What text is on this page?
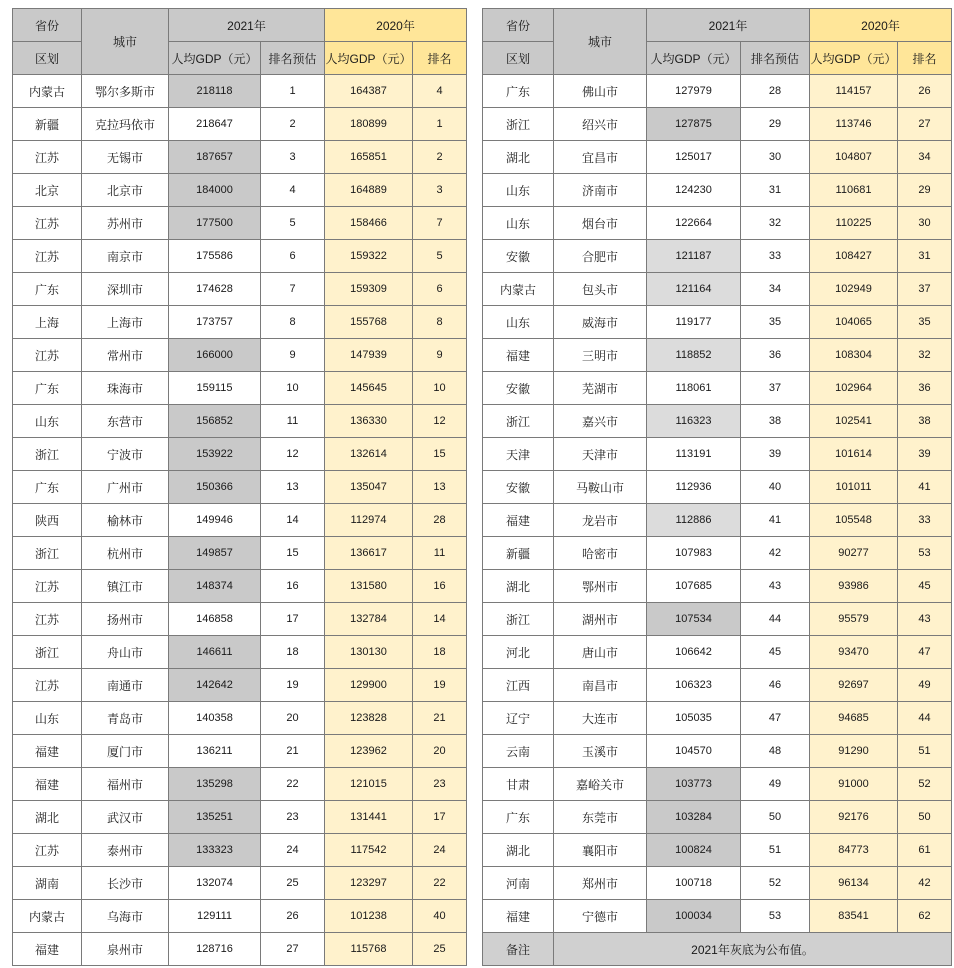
省份	城市	2021年		2020年	
区划		人均GDP（元）	排名预估	人均GDP（元）	排名
内蒙古	鄂尔多斯市	218118	1	164387	4
新疆	克拉玛依市	218647	2	180899	1
江苏	无锡市	187657	3	165851	2
北京	北京市	184000	4	164889	3
江苏	苏州市	177500	5	158466	7
江苏	南京市	175586	6	159322	5
广东	深圳市	174628	7	159309	6
上海	上海市	173757	8	155768	8
江苏	常州市	166000	9	147939	9
广东	珠海市	159115	10	145645	10
山东	东营市	156852	11	136330	12
浙江	宁波市	153922	12	132614	15
广东	广州市	150366	13	135047	13
陕西	榆林市	149946	14	112974	28
浙江	杭州市	149857	15	136617	11
江苏	镇江市	148374	16	131580	16
江苏	扬州市	146858	17	132784	14
浙江	舟山市	146611	18	130130	18
江苏	南通市	142642	19	129900	19
山东	青岛市	140358	20	123828	21
福建	厦门市	136211	21	123962	20
福建	福州市	135298	22	121015	23
湖北	武汉市	135251	23	131441	17
江苏	泰州市	133323	24	117542	24
湖南	长沙市	132074	25	123297	22
内蒙古	乌海市	129111	26	101238	40
福建	泉州市	128716	27	115768	25
省份	城市	2021年		2020年	
区划		人均GDP（元）	排名预估	人均GDP（元）	排名
广东	佛山市	127979	28	114157	26
浙江	绍兴市	127875	29	113746	27
湖北	宜昌市	125017	30	104807	34
山东	济南市	124230	31	110681	29
山东	烟台市	122664	32	110225	30
安徽	合肥市	121187	33	108427	31
内蒙古	包头市	121164	34	102949	37
山东	威海市	119177	35	104065	35
福建	三明市	118852	36	108304	32
安徽	芜湖市	118061	37	102964	36
浙江	嘉兴市	116323	38	102541	38
天津	天津市	113191	39	101614	39
安徽	马鞍山市	112936	40	101011	41
福建	龙岩市	112886	41	105548	33
新疆	哈密市	107983	42	90277	53
湖北	鄂州市	107685	43	93986	45
浙江	湖州市	107534	44	95579	43
河北	唐山市	106642	45	93470	47
江西	南昌市	106323	46	92697	49
辽宁	大连市	105035	47	94685	44
云南	玉溪市	104570	48	91290	51
甘肃	嘉峪关市	103773	49	91000	52
广东	东莞市	103284	50	92176	50
湖北	襄阳市	100824	51	84773	61
河南	郑州市	100718	52	96134	42
福建	宁德市	100034	53	83541	62
备注	2021年灰底为公布值。				
